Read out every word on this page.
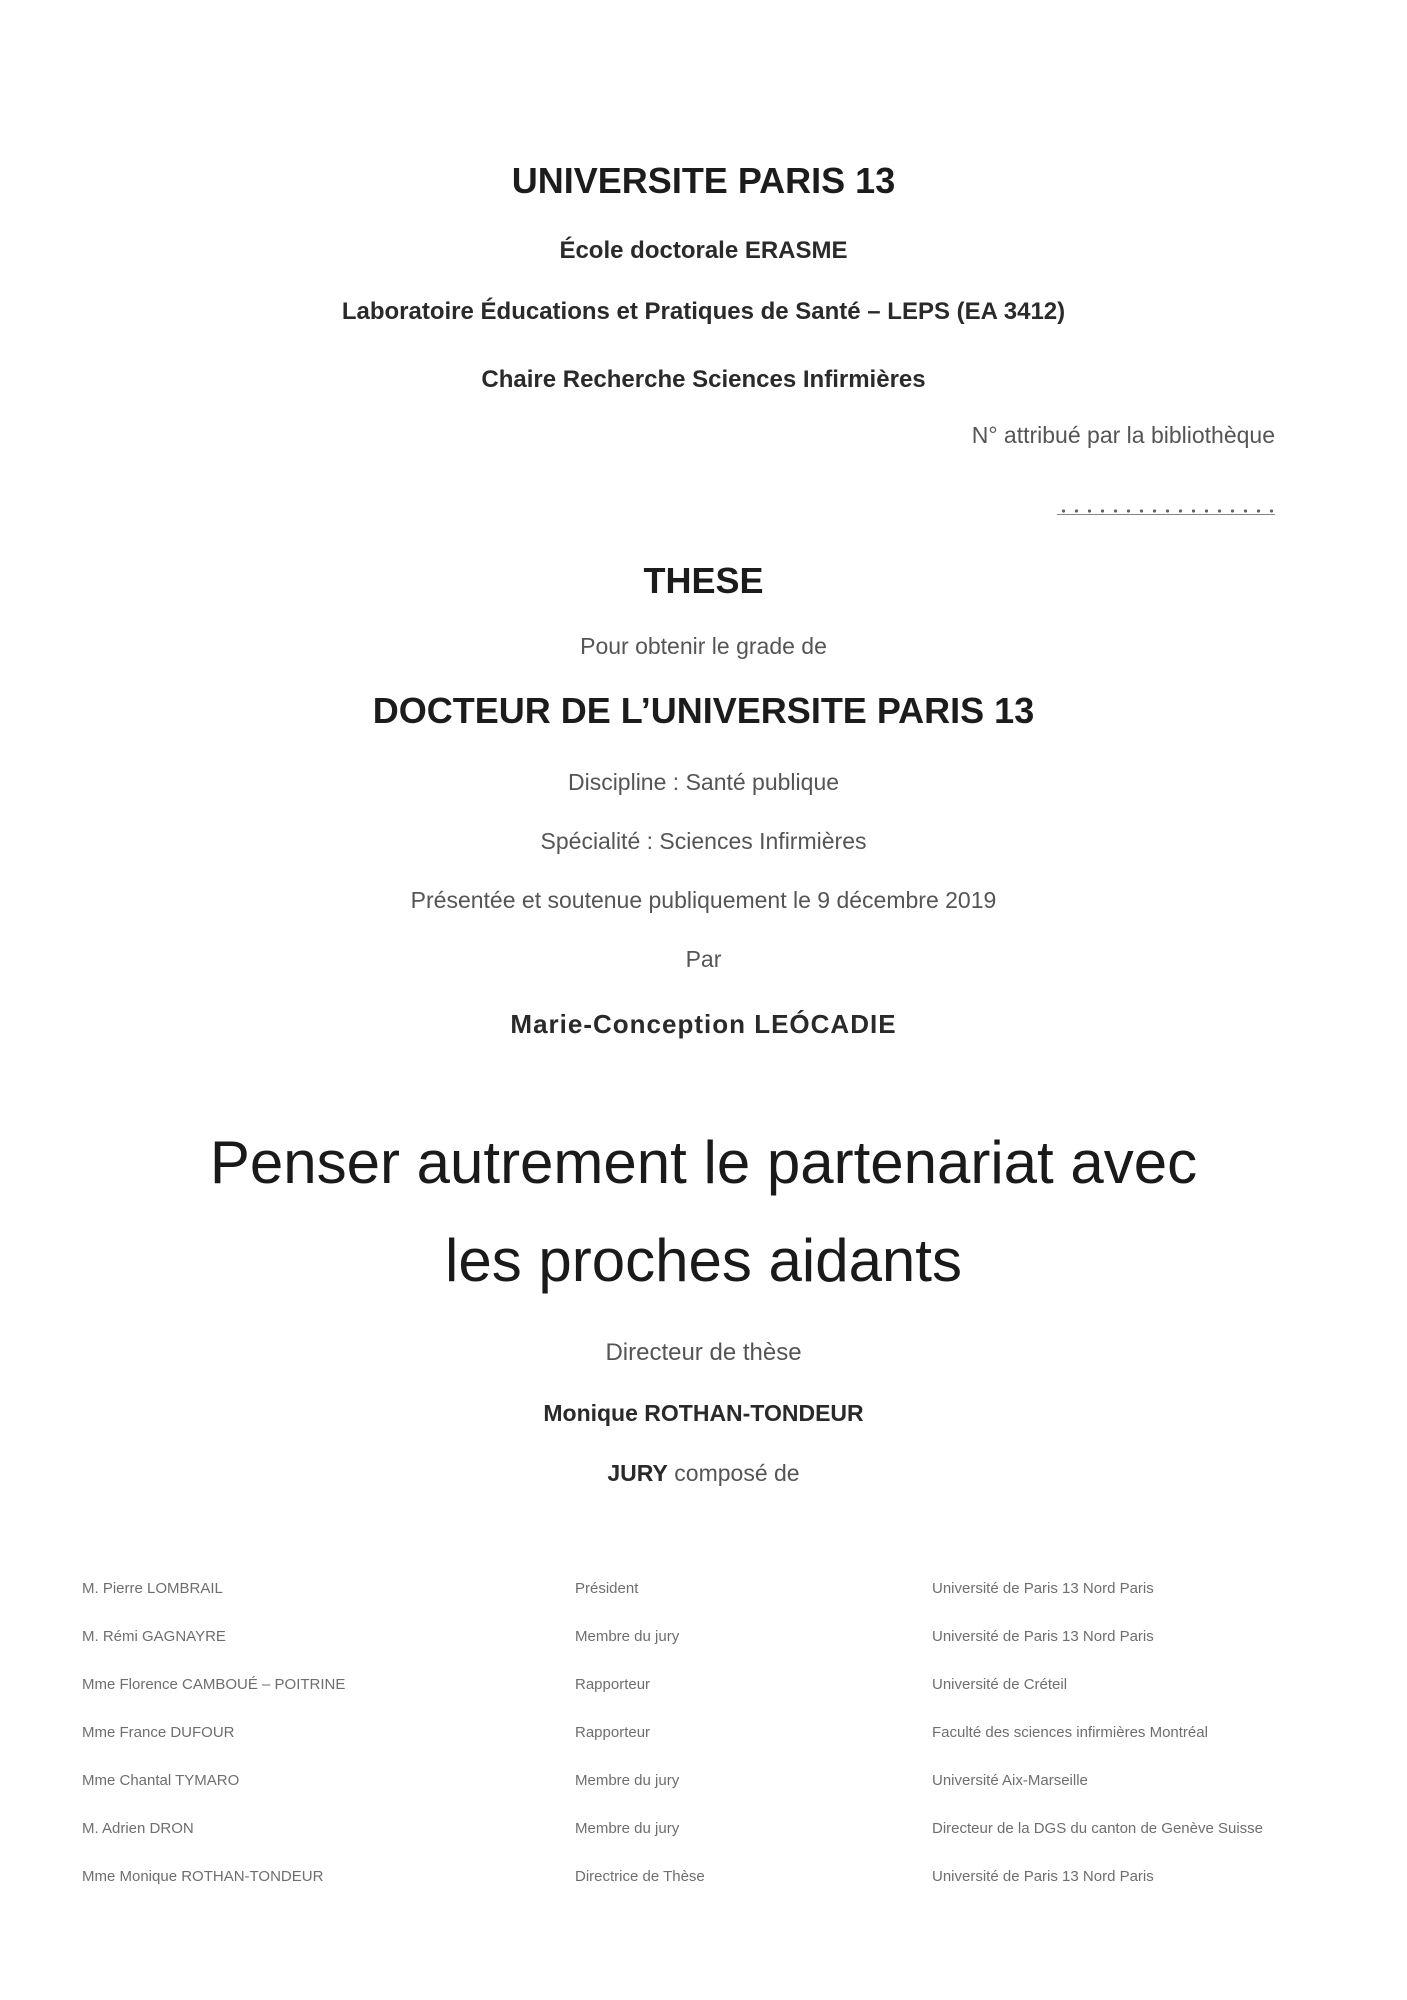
UNIVERSITE PARIS 13
École doctorale ERASME
Laboratoire Éducations et Pratiques de Santé – LEPS (EA 3412)
Chaire Recherche Sciences Infirmières
N° attribué par la bibliothèque
THESE
Pour obtenir le grade de
DOCTEUR DE L’UNIVERSITE PARIS 13
Discipline : Santé publique
Spécialité : Sciences Infirmières
Présentée et soutenue publiquement le 9 décembre 2019
Par
Marie-Conception LEÓCADIE
Penser autrement le partenariat avec
les proches aidants
Directeur de thèse
Monique ROTHAN-TONDEUR
JURY composé de
M. Pierre LOMBRAIL	Président	Université de Paris 13 Nord Paris
M. Rémi GAGNAYRE	Membre du jury	Université de Paris 13 Nord Paris
Mme Florence CAMBOUÉ – POITRINE	Rapporteur	Université de Créteil
Mme France DUFOUR	Rapporteur	Faculté des sciences infirmières Montréal
Mme Chantal TYMARO	Membre du jury	Université Aix-Marseille
M. Adrien DRON	Membre du jury	Directeur de la DGS du canton de Genève Suisse
Mme Monique ROTHAN-TONDEUR	Directrice de Thèse	Université de Paris 13 Nord Paris
